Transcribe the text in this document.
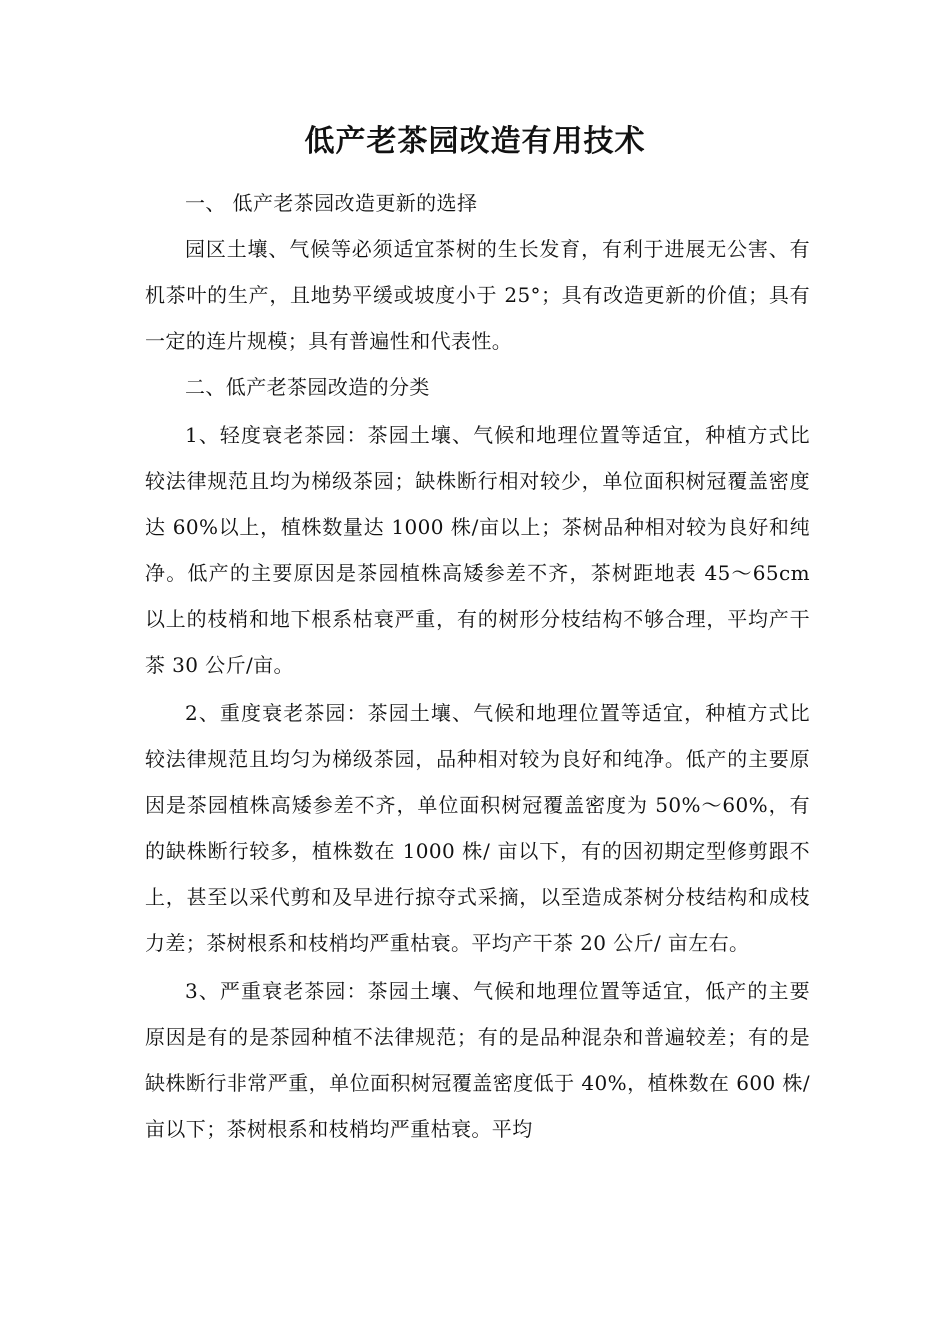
低产老茶园改造有用技术

一、 低产老茶园改造更新的选择

园区土壤、气候等必须适宜茶树的生长发育，有利于进展无公害、有机茶叶的生产，且地势平缓或坡度小于 25°；具有改造更新的价值；具有一定的连片规模；具有普遍性和代表性。

二、低产老茶园改造的分类

1、轻度衰老茶园：茶园土壤、气候和地理位置等适宜，种植方式比较法律规范且均为梯级茶园；缺株断行相对较少，单位面积树冠覆盖密度达 60%以上，植株数量达 1000 株/亩以上；茶树品种相对较为良好和纯净。低产的主要原因是茶园植株高矮参差不齐，茶树距地表 45～65cm 以上的枝梢和地下根系枯衰严重，有的树形分枝结构不够合理，平均产干茶 30 公斤/亩。

2、重度衰老茶园：茶园土壤、气候和地理位置等适宜，种植方式比较法律规范且均匀为梯级茶园，品种相对较为良好和纯净。低产的主要原因是茶园植株高矮参差不齐，单位面积树冠覆盖密度为 50%～60%，有的缺株断行较多，植株数在 1000 株/ 亩以下，有的因初期定型修剪跟不上，甚至以采代剪和及早进行掠夺式采摘，以至造成茶树分枝结构和成枝力差；茶树根系和枝梢均严重枯衰。平均产干茶 20 公斤/ 亩左右。

3、严重衰老茶园：茶园土壤、气候和地理位置等适宜，低产的主要原因是有的是茶园种植不法律规范；有的是品种混杂和普遍较差；有的是缺株断行非常严重，单位面积树冠覆盖密度低于 40%，植株数在 600 株/ 亩以下；茶树根系和枝梢均严重枯衰。平均
